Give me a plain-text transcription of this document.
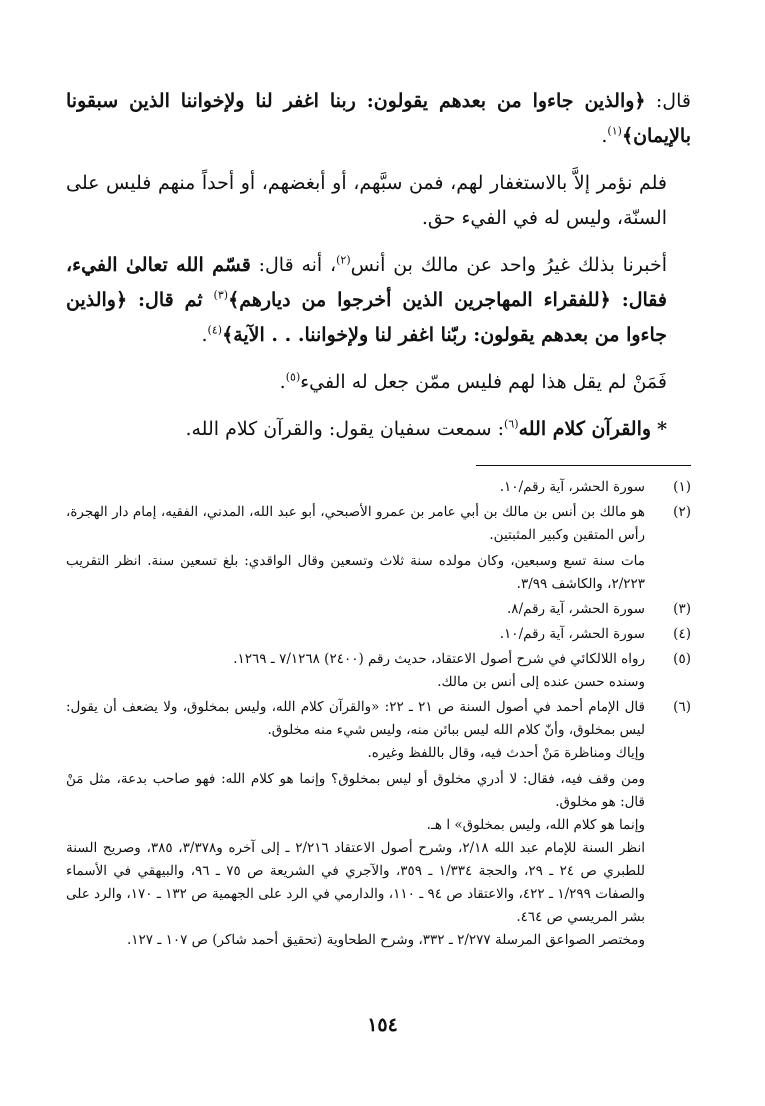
قال: ﴿والذين جاءوا من بعدهم يقولون: ربنا اغفر لنا ولإخواننا الذين سبقونا بالإيمان﴾$^{(١)}$.

فلم نؤمر إلاَّ بالاستغفار لهم، فمن سبَّهم، أو أبغضهم، أو أحداً منهم فليس على السنّة، وليس له في الفيء حق.

أخبرنا بذلك غيرُ واحد عن مالك بن أنس$^{(٢)}$، أنه قال: قسّم الله تعالىٰ الفيء، فقال: ﴿للفقراء المهاجرين الذين أخرجوا من ديارهم﴾$^{(٣)}$ ثم قال: ﴿والذين جاءوا من بعدهم يقولون: ربّنا اغفر لنا ولإخواننا. . . الآية﴾$^{(٤)}$.

فَمَنْ لم يقل هذا لهم فليس ممّن جعل له الفيء$^{(٥)}$.

*والقرآن كلام الله$^{(٦)}$: سمعت سفيان يقول: والقرآن كلام الله.

(١)
سورة الحشر، آية رقم/١٠.
(٢)
هو مالك بن أنس بن مالك بن أبي عامر بن عمرو الأصبحي، أبو عبد الله، المدني، الفقيه، إمام دار الهجرة، رأس المتقين وكبير المثبتين.
مات سنة تسع وسبعين، وكان مولده سنة ثلاث وتسعين وقال الواقدي: بلغ تسعين سنة. انظر التقريب ٢/٢٢٣، والكاشف ٣/٩٩.
(٣)
سورة الحشر، آية رقم/٨.
(٤)
سورة الحشر، آية رقم/١٠.
(٥)
رواه اللالكائي في شرح أصول الاعتقاد، حديث رقم (٢٤٠٠) ٧/١٢٦٨ ـ ١٢٦٩.
وسنده حسن عنده إلى أنس بن مالك.
(٦)
قال الإمام أحمد في أصول السنة ص ٢١ ـ ٢٢: «والقرآن كلام الله، وليس بمخلوق، ولا يضعف أن يقول: ليس بمخلوق، وأنّ كلام الله ليس ببائن منه، وليس شيء منه مخلوق.
وإياك ومناظرة مَنْ أحدث فيه، وقال باللفظ وغيره.
ومن وقف فيه، فقال: لا أدري مخلوق أو ليس بمخلوق؟ وإنما هو كلام الله: فهو صاحب بدعة، مثل مَنْ قال: هو مخلوق.
وإنما هو كلام الله، وليس بمخلوق» ا هـ.
انظر السنة للإمام عبد الله ٢/١٨، وشرح أصول الاعتقاد ٢/٢١٦ ـ إلى آخره و٣/٣٧٨، ٣٨٥، وصريح السنة للطبري ص ٢٤ ـ ٢٩، والحجة ١/٣٣٤ ـ ٣٥٩، والآجري في الشريعة ص ٧٥ ـ ٩٦، والبيهقي في الأسماء والصفات ١/٢٩٩ ـ ٤٢٢، والاعتقاد ص ٩٤ ـ ١١٠، والدارمي في الرد على الجهمية ص ١٣٢ ـ ١٧٠، والرد على بشر المريسي ص ٤٦٤.
ومختصر الصواعق المرسلة ٢/٢٧٧ ـ ٣٣٢، وشرح الطحاوية (تحقيق أحمد شاكر) ص ١٠٧ ـ ١٢٧.
١٥٤
